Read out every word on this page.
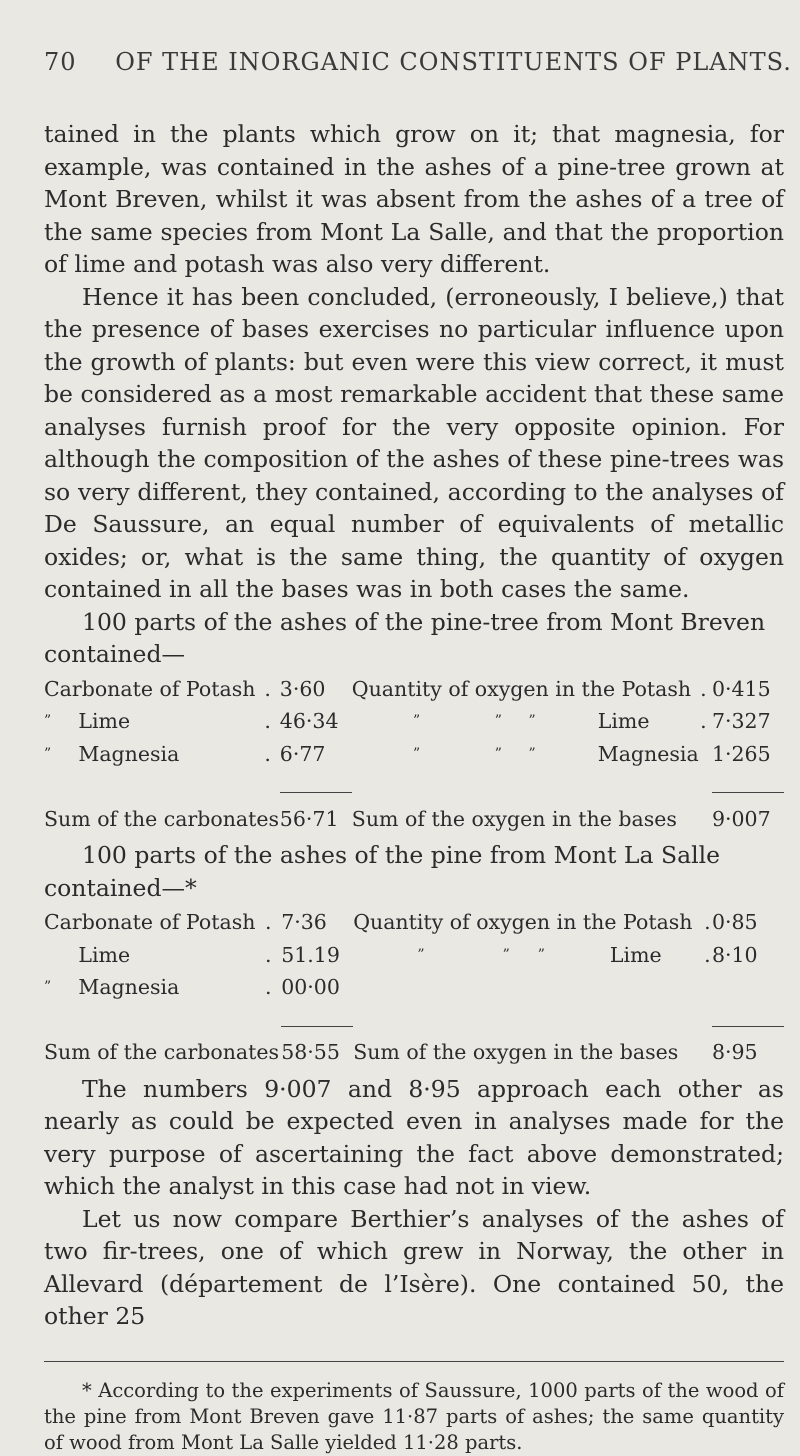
70 OF THE INORGANIC CONSTITUENTS OF PLANTS.

tained in the plants which grow on it; that magnesia, for example, was contained in the ashes of a pine-tree grown at Mont Breven, whilst it was absent from the ashes of a tree of the same species from Mont La Salle, and that the proportion of lime and potash was also very different.

Hence it has been concluded, (erroneously, I believe,) that the presence of bases exercises no particular influence upon the growth of plants: but even were this view correct, it must be considered as a most remarkable accident that these same analyses furnish proof for the very opposite opinion. For although the composition of the ashes of these pine-trees was so very different, they contained, according to the analyses of De Saussure, an equal number of equivalents of metallic oxides; or, what is the same thing, the quantity of oxygen contained in all the bases was in both cases the same.

100 parts of the ashes of the pine-tree from Mont Breven

contained—

Carbonate of Potash		.	3·60	Quantity of oxygen in the Potash					.	0·415
”	Lime	.	46·34	”	”	”		Lime	.	7·327
”	Magnesia	.	6·77	”	”	”		Magnesia		1·265

Sum of the carbonates			56·71	Sum of the oxygen in the bases						9·007

100 parts of the ashes of the pine from Mont La Salle

contained—*

Carbonate of Potash		.	7·36	Quantity of oxygen in the Potash					.	0·85
	Lime	.	51.19	”	”	”		Lime	.	8·10
”	Magnesia	.	00·00							

Sum of the carbonates			58·55	Sum of the oxygen in the bases						8·95

The numbers 9·007 and 8·95 approach each other as nearly as could be expected even in analyses made for the very purpose of ascertaining the fact above demonstrated; which the analyst in this case had not in view.

Let us now compare Berthier’s analyses of the ashes of two fir-trees, one of which grew in Norway, the other in Allevard (département de l’Isère). One contained 50, the other 25

* According to the experiments of Saussure, 1000 parts of the wood of the pine from Mont Breven gave 11·87 parts of ashes; the same quantity of wood from Mont La Salle yielded 11·28 parts.
